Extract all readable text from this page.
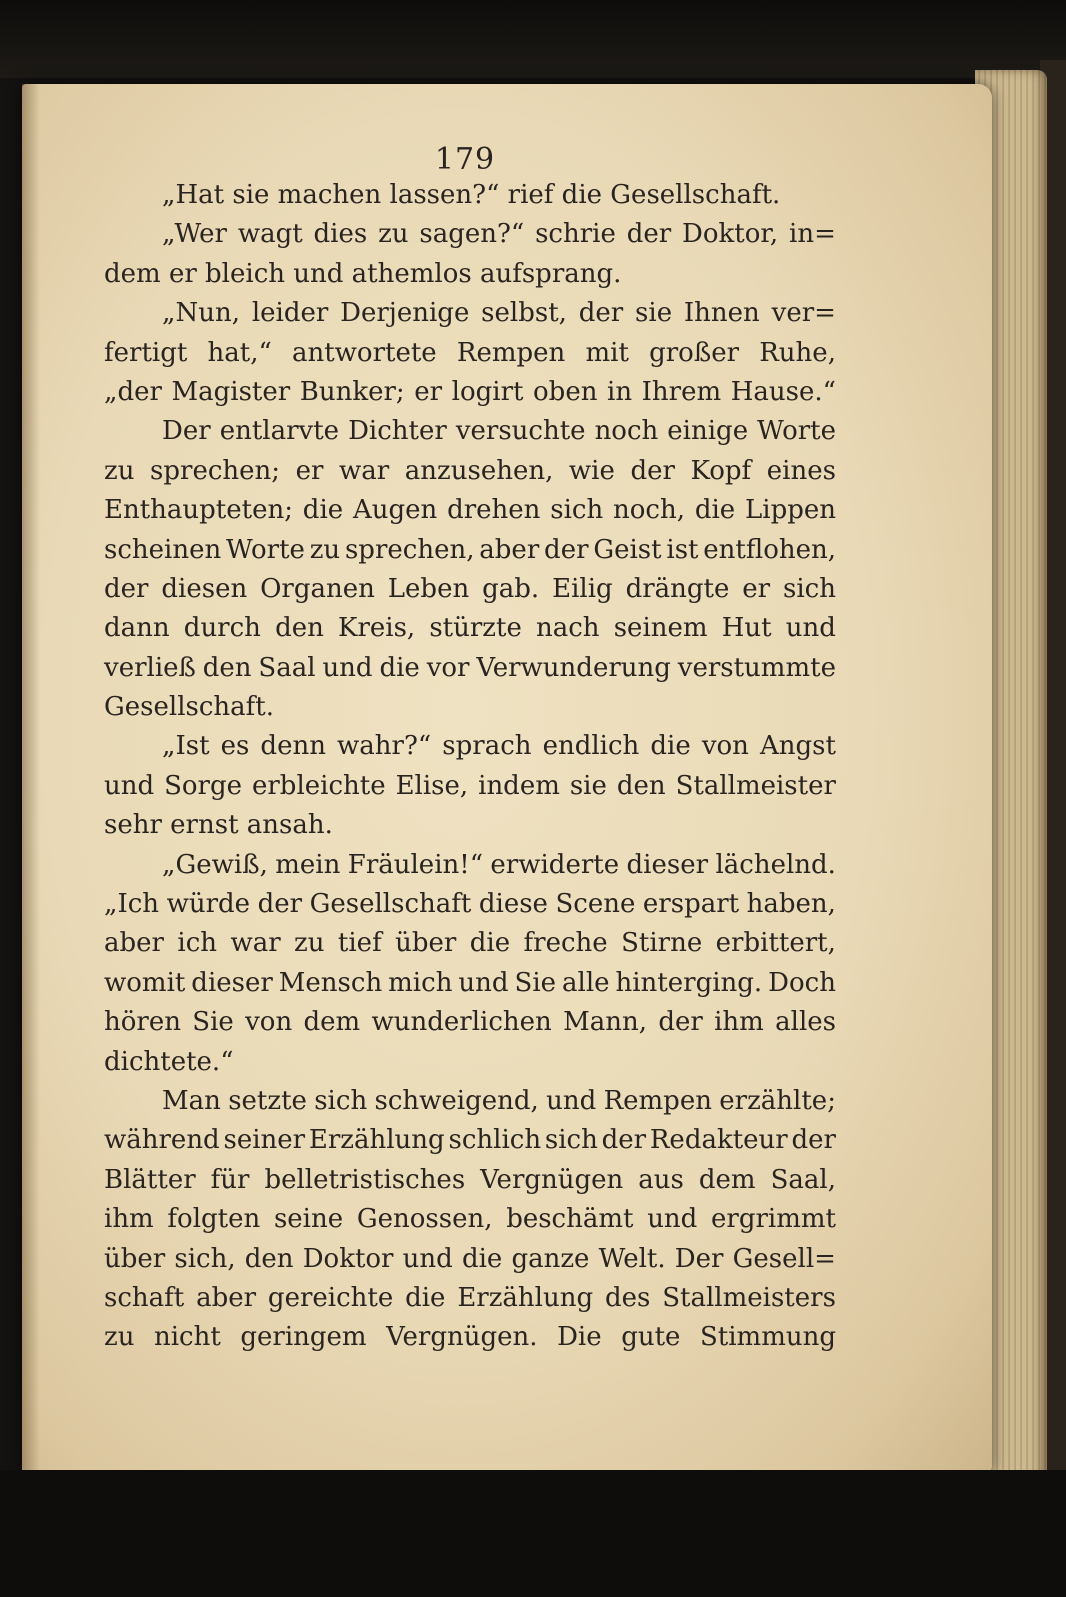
179
„Hat sie machen lassen?“ rief die Gesellschaft.
„Wer wagt dies zu sagen?“ schrie der Doktor, in=
dem er bleich und athemlos aufsprang.
„Nun, leider Derjenige selbst, der sie Ihnen ver=
fertigt hat,“ antwortete Rempen mit großer Ruhe,
„der Magister Bunker; er logirt oben in Ihrem Hause.“
Der entlarvte Dichter versuchte noch einige Worte
zu sprechen; er war anzusehen, wie der Kopf eines
Enthaupteten; die Augen drehen sich noch, die Lippen
scheinen Worte zu sprechen, aber der Geist ist entflohen,
der diesen Organen Leben gab. Eilig drängte er sich
dann durch den Kreis, stürzte nach seinem Hut und
verließ den Saal und die vor Verwunderung verstummte
Gesellschaft.
„Ist es denn wahr?“ sprach endlich die von Angst
und Sorge erbleichte Elise, indem sie den Stallmeister
sehr ernst ansah.
„Gewiß, mein Fräulein!“ erwiderte dieser lächelnd.
„Ich würde der Gesellschaft diese Scene erspart haben,
aber ich war zu tief über die freche Stirne erbittert,
womit dieser Mensch mich und Sie alle hinterging. Doch
hören Sie von dem wunderlichen Mann, der ihm alles
dichtete.“
Man setzte sich schweigend, und Rempen erzählte;
während seiner Erzählung schlich sich der Redakteur der
Blätter für belletristisches Vergnügen aus dem Saal,
ihm folgten seine Genossen, beschämt und ergrimmt
über sich, den Doktor und die ganze Welt. Der Gesell=
schaft aber gereichte die Erzählung des Stallmeisters
zu nicht geringem Vergnügen. Die gute Stimmung
